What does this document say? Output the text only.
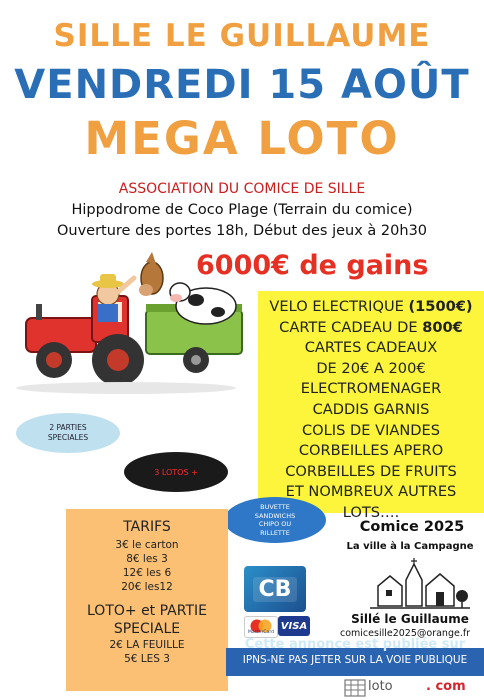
SILLE LE GUILLAUME
VENDREDI 15 AOÛT
MEGA LOTO
ASSOCIATION DU COMICE DE SILLE
Hippodrome de Coco Plage (Terrain du comice)
Ouverture des portes 18h, Début des jeux à 20h30
6000€ de gains
VELO ELECTRIQUE (1500€)
CARTE CADEAU DE 800€
CARTES CADEAUX
DE 20€ A 200€
ELECTROMENAGER
CADDIS GARNIS
COLIS DE VIANDES
CORBEILLES APERO
CORBEILLES DE FRUITS
ET NOMBREUX AUTRES
LOTS….
2 PARTIES
SPECIALES
3 LOTOS +
BUVETTE
SANDWICHS
CHIPO OU
RILLETTE
TARIFS
3€ le carton
8€ les 3
12€ les 6
20€ les12
LOTO+ et PARTIE
SPECIALE
2€ LA FEUILLE
5€ LES 3
CB
MasterCard
VISA
Comice 2025
La ville à la Campagne
Sillé le Guillaume
comicesille2025@orange.fr
Cette annonce est publiée sur
IPNS-NE PAS JETER SUR LA VOIE PUBLIQUE
loto	. com
